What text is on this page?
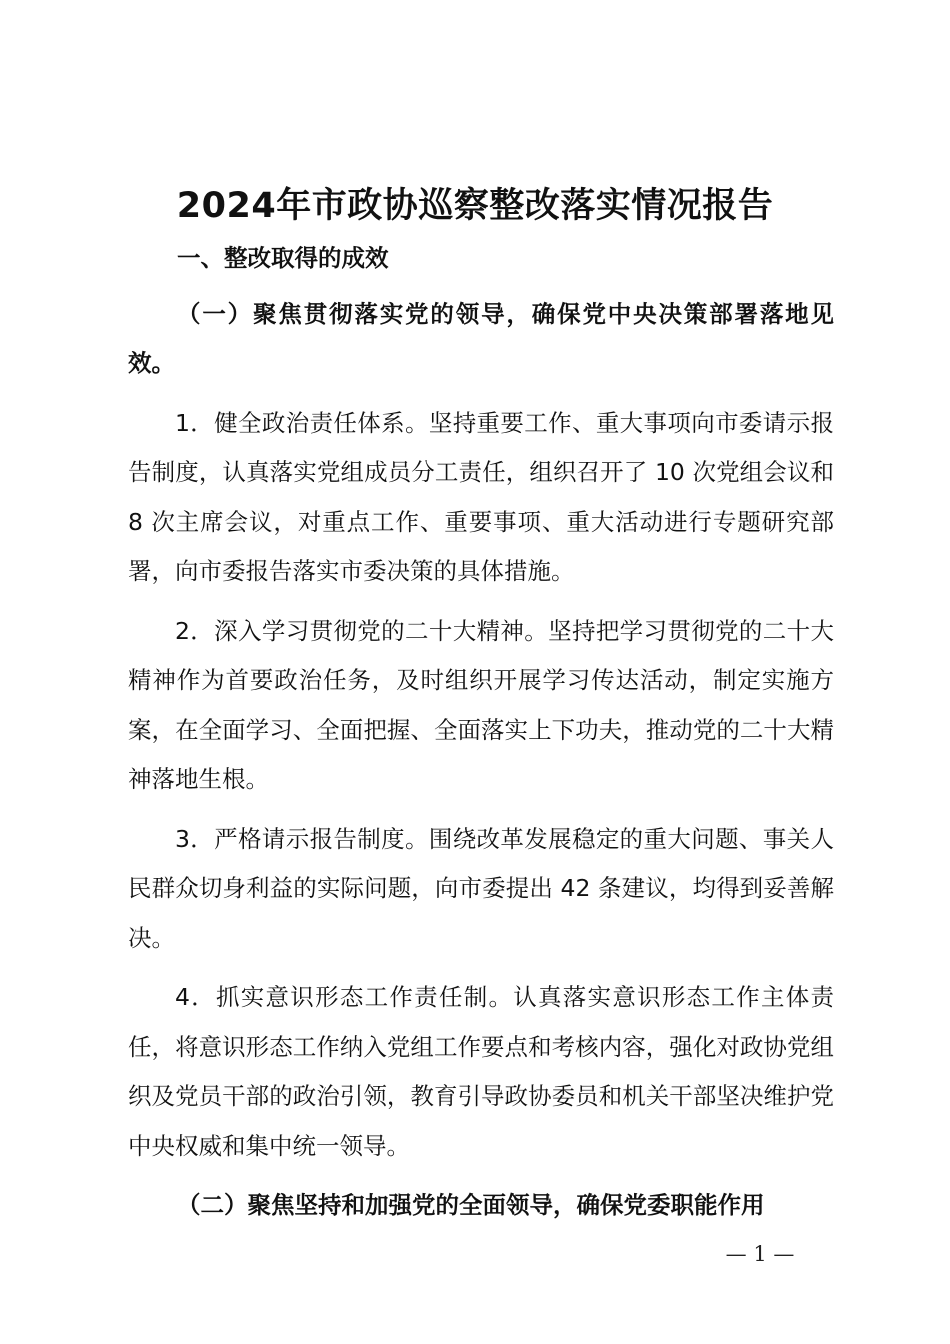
2024年市政协巡察整改落实情况报告

一、整改取得的成效

（一）聚焦贯彻落实党的领导，确保党中央决策部署落地见效。

1．健全政治责任体系。坚持重要工作、重大事项向市委请示报告制度，认真落实党组成员分工责任，组织召开了 10 次党组会议和 8 次主席会议，对重点工作、重要事项、重大活动进行专题研究部署，向市委报告落实市委决策的具体措施。

2．深入学习贯彻党的二十大精神。坚持把学习贯彻党的二十大精神作为首要政治任务，及时组织开展学习传达活动，制定实施方案，在全面学习、全面把握、全面落实上下功夫，推动党的二十大精神落地生根。

3．严格请示报告制度。围绕改革发展稳定的重大问题、事关人民群众切身利益的实际问题，向市委提出 42 条建议，均得到妥善解决。

4．抓实意识形态工作责任制。认真落实意识形态工作主体责任，将意识形态工作纳入党组工作要点和考核内容，强化对政协党组织及党员干部的政治引领，教育引导政协委员和机关干部坚决维护党中央权威和集中统一领导。

（二）聚焦坚持和加强党的全面领导，确保党委职能作用

— 1 —
